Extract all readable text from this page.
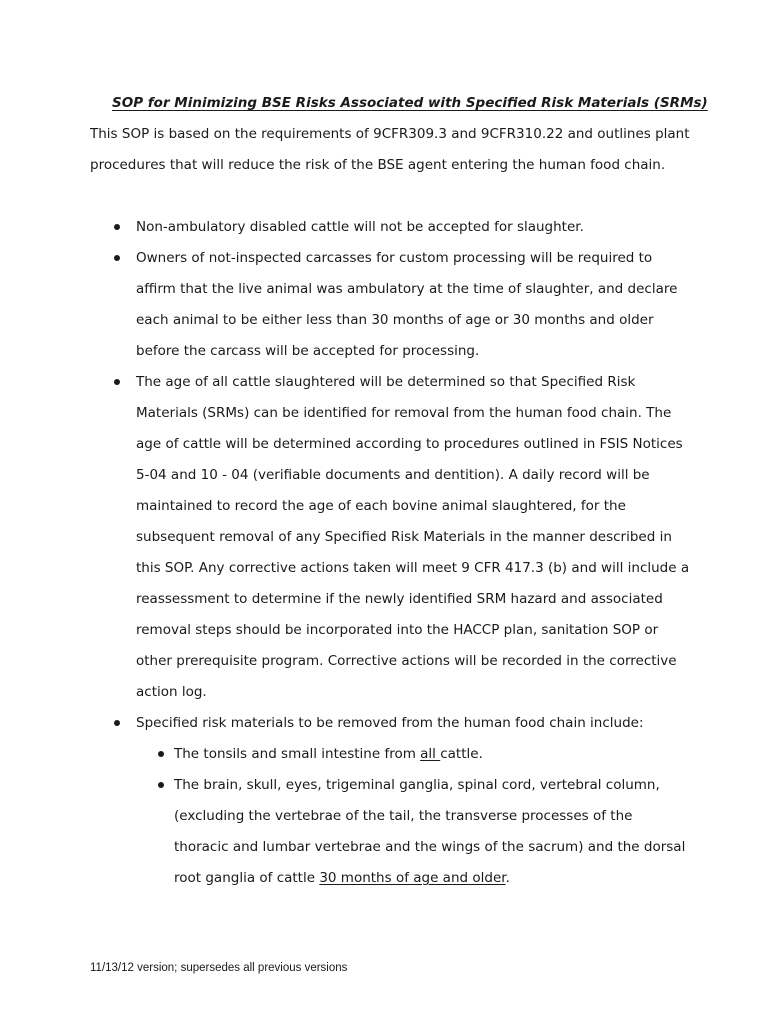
SOP for Minimizing BSE Risks Associated with Specified Risk Materials (SRMs)
This SOP is based on the requirements of 9CFR309.3 and 9CFR310.22 and outlines plant procedures that will reduce the risk of the BSE agent entering the human food chain.
Non-ambulatory disabled cattle will not be accepted for slaughter.
Owners of not-inspected carcasses for custom processing will be required to affirm that the live animal was ambulatory at the time of slaughter, and declare each animal to be either less than 30 months of age or 30 months and older before the carcass will be accepted for processing.
The age of all cattle slaughtered will be determined so that Specified Risk Materials (SRMs) can be identified for removal from the human food chain. The age of cattle will be determined according to procedures outlined in FSIS Notices 5-04 and 10 - 04 (verifiable documents and dentition). A daily record will be maintained to record the age of each bovine animal slaughtered, for the subsequent removal of any Specified Risk Materials in the manner described in this SOP. Any corrective actions taken will meet 9 CFR 417.3 (b) and will include a reassessment to determine if the newly identified SRM hazard and associated removal steps should be incorporated into the HACCP plan, sanitation SOP or other prerequisite program. Corrective actions will be recorded in the corrective action log.
Specified risk materials to be removed from the human food chain include:
The tonsils and small intestine from all cattle.
The brain, skull, eyes, trigeminal ganglia, spinal cord, vertebral column, (excluding the vertebrae of the tail, the transverse processes of the thoracic and lumbar vertebrae and the wings of the sacrum) and the dorsal root ganglia of cattle 30 months of age and older.
11/13/12 version; supersedes all previous versions
